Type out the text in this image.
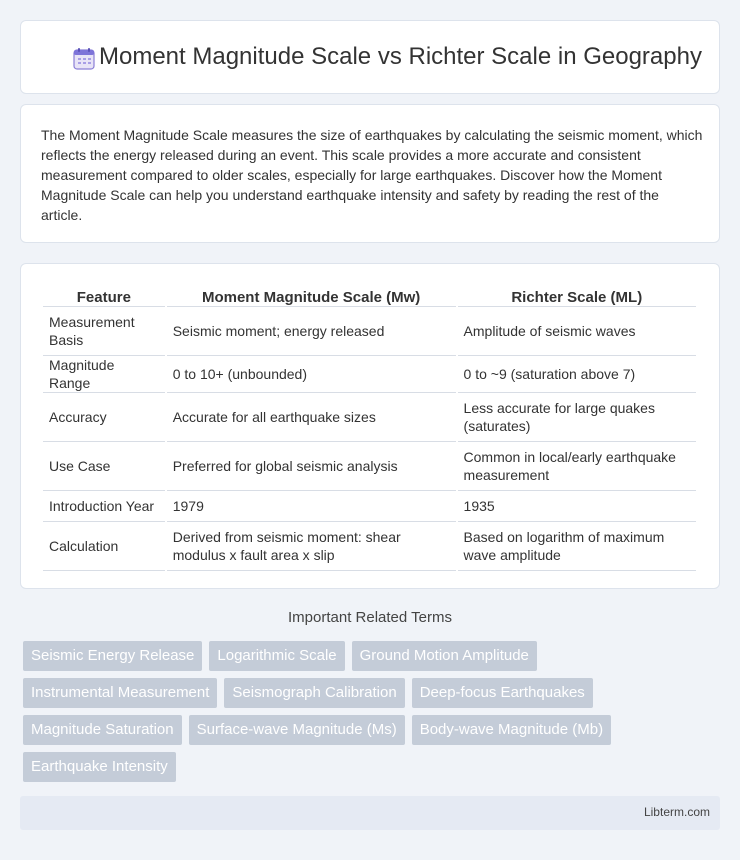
Moment Magnitude Scale vs Richter Scale in Geography

The Moment Magnitude Scale measures the size of earthquakes by calculating the seismic moment, which reflects the energy released during an event. This scale provides a more accurate and consistent measurement compared to older scales, especially for large earthquakes. Discover how the Moment Magnitude Scale can help you understand earthquake intensity and safety by reading the rest of the article.

Feature	Moment Magnitude Scale (Mw)	Richter Scale (ML)
Measurement Basis	Seismic moment; energy released	Amplitude of seismic waves
Magnitude Range	0 to 10+ (unbounded)	0 to ~9 (saturation above 7)
Accuracy	Accurate for all earthquake sizes	Less accurate for large quakes (saturates)
Use Case	Preferred for global seismic analysis	Common in local/early earthquake measurement
Introduction Year	1979	1935
Calculation	Derived from seismic moment: shear modulus x fault area x slip	Based on logarithm of maximum wave amplitude
Important Related Terms
Seismic Energy Release	Logarithmic Scale	Ground Motion Amplitude
Instrumental Measurement	Seismograph Calibration	Deep-focus Earthquakes
Magnitude Saturation	Surface-wave Magnitude (Ms)	Body-wave Magnitude (Mb)
Earthquake Intensity
Libterm.com
